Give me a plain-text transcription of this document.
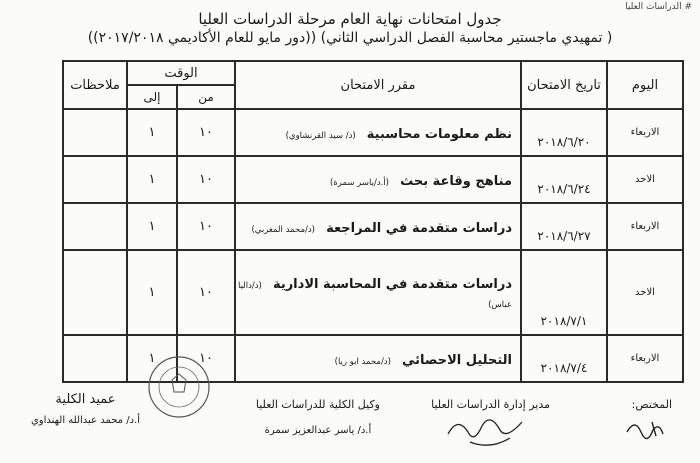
# الدراسات العليا
جدول امتحانات نهاية العام مرحلة الدراسات العليا
( تمهيدي ماجستير محاسبة الفصل الدراسي الثاني) ((دور مايو للعام الأكاديمي ٢٠١٧/٢٠١٨))
اليوم	تاريخ الامتحان	مقرر الامتحان	الوقت		ملاحظات
			من	إلى	
الاربعاء	٢٠١٨/٦/٢٠	نظم معلومات محاسبية (د/ سيد القرنشاوي)	١٠	١	
الاحد	٢٠١٨/٦/٢٤	مناهج وقاعة بحث (أ.د/ياسر سمرة)	١٠	١	
الاربعاء	٢٠١٨/٦/٢٧	دراسات متقدمة في المراجعة (د/محمد المغربي)	١٠	١	
الاحد	٢٠١٨/٧/١	دراسات متقدمة في المحاسبة الادارية (د/داليا عباس)	١٠	١	
الاربعاء	٢٠١٨/٧/٤	التحليل الاحصائي (د/محمد ابو ريا)	١٠	١	
المختص:
مدير إدارة الدراسات العليا
وكيل الكلية للدراسات العليا
أ.د/ ياسر عبدالعزيز سمرة
عميد الكلية
أ.د/ محمد عبدالله الهنداوي
